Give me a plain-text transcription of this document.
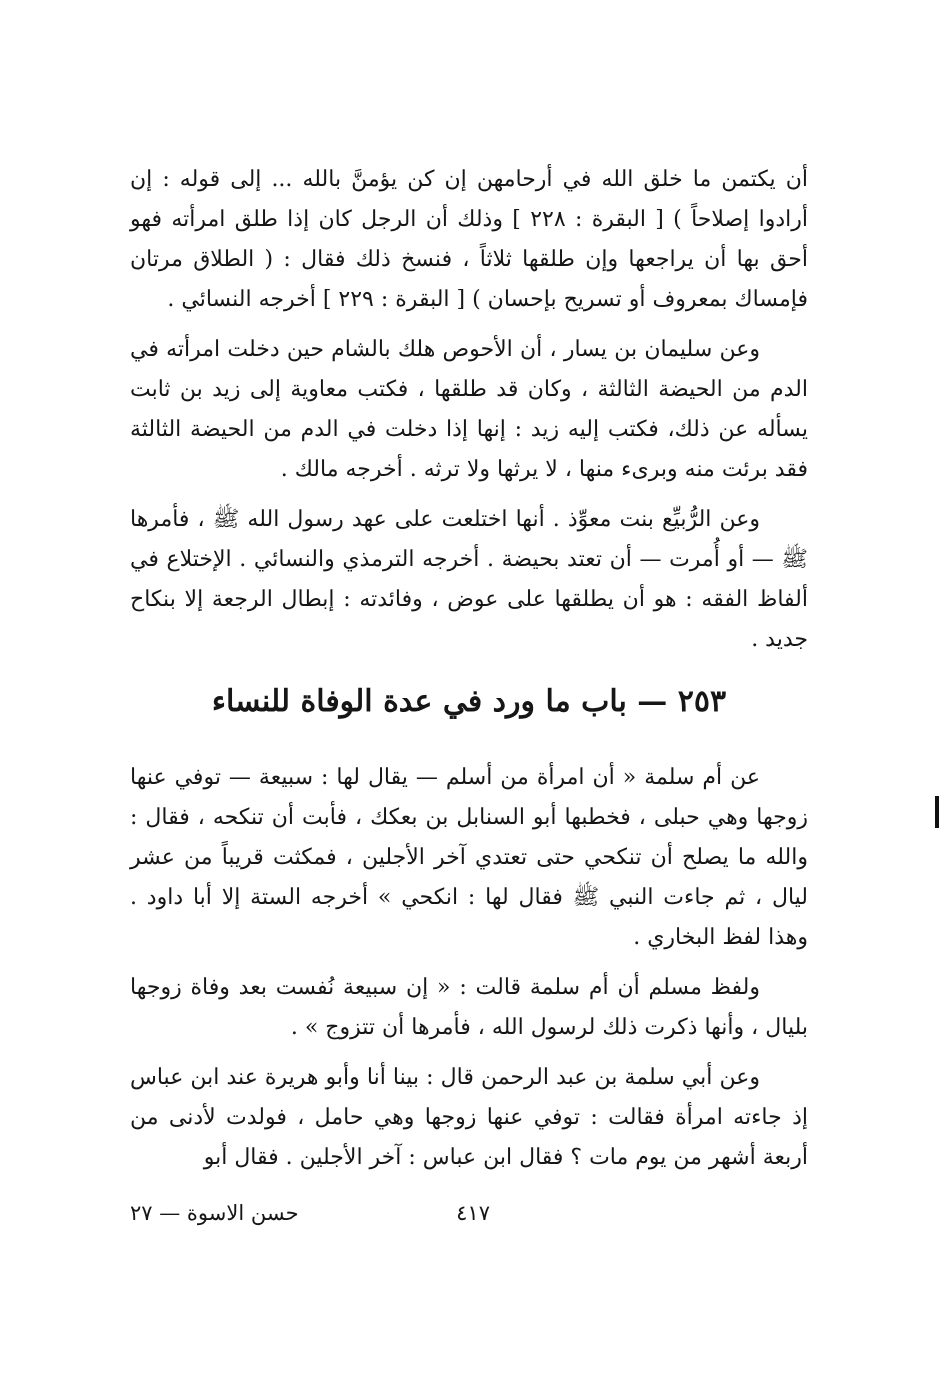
أن يكتمن ما خلق الله في أرحامهن إن كن يؤمنَّ بالله ... إلى قوله : إن أرادوا إصلاحاً ) [ البقرة : ٢٢٨ ] وذلك أن الرجل كان إذا طلق امرأته فهو أحق بها أن يراجعها وإن طلقها ثلاثاً ، فنسخ ذلك فقال : ( الطلاق مرتان فإمساك بمعروف أو تسريح بإحسان ) [ البقرة : ٢٢٩ ] أخرجه النسائي .

وعن سليمان بن يسار ، أن الأحوص هلك بالشام حين دخلت امرأته في الدم من الحيضة الثالثة ، وكان قد طلقها ، فكتب معاوية إلى زيد بن ثابت يسأله عن ذلك، فكتب إليه زيد : إنها إذا دخلت في الدم من الحيضة الثالثة فقد برئت منه وبرىء منها ، لا يرثها ولا ترثه . أخرجه مالك .

وعن الرُّبيِّع بنت معوِّذ . أنها اختلعت على عهد رسول الله ﷺ ، فأمرها ﷺ — أو أُمرت — أن تعتد بحيضة . أخرجه الترمذي والنسائي . الإختلاع في ألفاظ الفقه : هو أن يطلقها على عوض ، وفائدته : إبطال الرجعة إلا بنكاح جديد .

٢٥٣ — باب ما ورد في عدة الوفاة للنساء

عن أم سلمة « أن امرأة من أسلم — يقال لها : سبيعة — توفي عنها زوجها وهي حبلى ، فخطبها أبو السنابل بن بعكك ، فأبت أن تنكحه ، فقال : والله ما يصلح أن تنكحي حتى تعتدي آخر الأجلين ، فمكثت قريباً من عشر ليال ، ثم جاءت النبي ﷺ فقال لها : انكحي » أخرجه الستة إلا أبا داود . وهذا لفظ البخاري .

ولفظ مسلم أن أم سلمة قالت : « إن سبيعة نُفست بعد وفاة زوجها بليال ، وأنها ذكرت ذلك لرسول الله ، فأمرها أن تتزوج » .

وعن أبي سلمة بن عبد الرحمن قال : بينا أنا وأبو هريرة عند ابن عباس إذ جاءته امرأة فقالت : توفي عنها زوجها وهي حامل ، فولدت لأدنى من أربعة أشهر من يوم مات ؟ فقال ابن عباس : آخر الأجلين . فقال أبو

٤١٧
حسن الاسوة — ٢٧
